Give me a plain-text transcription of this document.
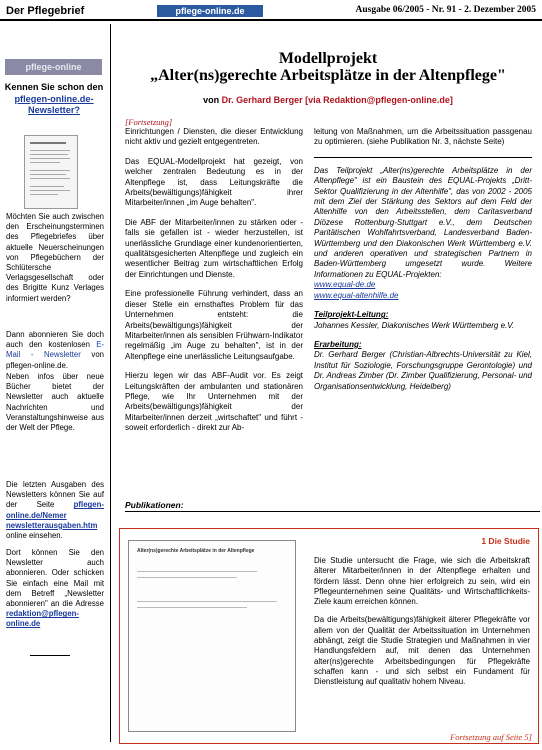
Der Pflegebrief	pflege-online.de	Ausgabe 06/2005 - Nr. 91 - 2. Dezember 2005
pflege-online
Kennen Sie schon den
pflegen-online.de-
Newsletter?
Möchten Sie auch zwischen den Erscheinungsterminen des Pflegebriefes über aktuelle Neuerscheinungen von Pflegebüchern der Schlütersche Verlagsgesellschaft oder des Brigitte Kunz Verlages informiert werden?
Dann abonnieren Sie doch auch den kostenlosen E-Mail - Newsletter von pflegen-online.de.
Neben infos über neue Bücher bietet der Newsletter auch aktuelle Nachrichten und Veranstaltungshinweise aus der Welt der Pflege.
Die letzten Ausgaben des Newsletters können Sie auf der Seite pflegen-online.de/Nemer newsletterausgaben.htm online einsehen.
Dort können Sie den Newsletter auch abonnieren. Oder schicken Sie einfach eine Mail mit dem Betreff „Newsletter abonnieren" an die Adresse redaktion@pflegen-online.de
Modellprojekt
„Alter(ns)gerechte Arbeitsplätze in der Altenpflege"
von Dr. Gerhard Berger [via Redaktion@pflegen-online.de]
[Fortsetzung]

Einrichtungen / Diensten, die dieser Entwicklung nicht aktiv und gezielt entgegentreten.

Das EQUAL-Modellprojekt hat gezeigt, von welcher zentralen Bedeutung es in der Altenpflege ist, dass Leitungskräfte die Arbeits(bewältigungs)fähigkeit ihrer Mitarbeiter/innen „im Auge behalten".

Die ABF der Mitarbeiter/innen zu stärken oder - falls sie gefallen ist - wieder herzustellen, ist unerlässliche Grundlage einer kundenorientierten, qualitätsgesicherten Altenpflege und zugleich ein wesentlicher Beitrag zum wirtschaftlichen Erfolg der Einrichtungen und Dienste.

Eine professionelle Führung verhindert, dass an dieser Stelle ein ernsthaftes Problem für das Unternehmen entsteht: die Arbeits(bewältigungs)fähigkeit der Mitarbeiter/innen als sensiblen Frühwarn-Indikator regelmäßig „im Auge zu behalten", ist in der Altenpflege eine unerlässliche Leitungsaufgabe.

Hierzu legen wir das ABF-Audit vor. Es zeigt Leitungskräften der ambulanten und stationären Pflege, wie Ihr Unternehmen mit der Arbeits(bewältigungs)fähigkeit der Mitarbeiter/innen derzeit „wirtschaftet" und führt - soweit erforderlich - direkt zur Ab-

leitung von Maßnahmen, um die Arbeitssituation passgenau zu optimieren. (siehe Publikation Nr. 3, nächste Seite)

Das Teilprojekt „Alter(ns)gerechte Arbeitsplätze in der Altenpflege" ist ein Baustein des EQUAL-Projekts „Dritt-Sektor Qualifizierung in der Altenhilfe", das von 2002 - 2005 mit dem Ziel der Stärkung des Sektors auf dem Feld der Altenhilfe von den Arbeitsstellen, dem Caritasverband Diözese Rottenburg-Stuttgart e.V., dem Deutschen Paritätischen Wohlfahrtsverband, Landesverband Baden-Württemberg und den Diakonischen Werk Württemberg e.V. und anderen operativen und strategischen Partnern in Baden-Württemberg umgesetzt wurde. Weitere Informationen zu EQUAL-Projekten:

www.equal-de.de
www.equal-altenhilfe.de
Teilprojekt-Leitung:

Johannes Kessler, Diakonisches Werk Württemberg e.V.

Erarbeitung:

Dr. Gerhard Berger (Christian-Albrechts-Universität zu Kiel, Institut für Soziologie, Forschungsgruppe Gerontologie) und Dr. Andreas Zimber (Dr. Zimber Qualifizierung, Personal- und Organisationsentwicklung, Heidelberg)

Publikationen:
Alter(ns)gerechte Arbeitsplätze in der Altenpflege
1 Die Studie

Die Studie untersucht die Frage, wie sich die Arbeitskraft älterer Mitarbeiter/innen in der Altenpflege erhalten und fördern lässt. Denn ohne hier erfolgreich zu sein, wird ein Pflegeunternehmen seine Qualitäts- und Wirtschaftlichkeits-Ziele kaum erreichen können.

Da die Arbeits(bewältigungs)fähigkeit älterer Pflegekräfte vor allem von der Qualität der Arbeitssituation im Unternehmen abhängt, zeigt die Studie Strategien und Maßnahmen in vier Handlungsfeldern auf, mit denen das Unternehmen alter(ns)gerechte Arbeitsbedingungen für Pflegekräfte schaffen kann - und sich selbst ein Fundament für Dienstleistung auf qualitativ hohem Niveau.

Fortsetzung auf Seite 5]
